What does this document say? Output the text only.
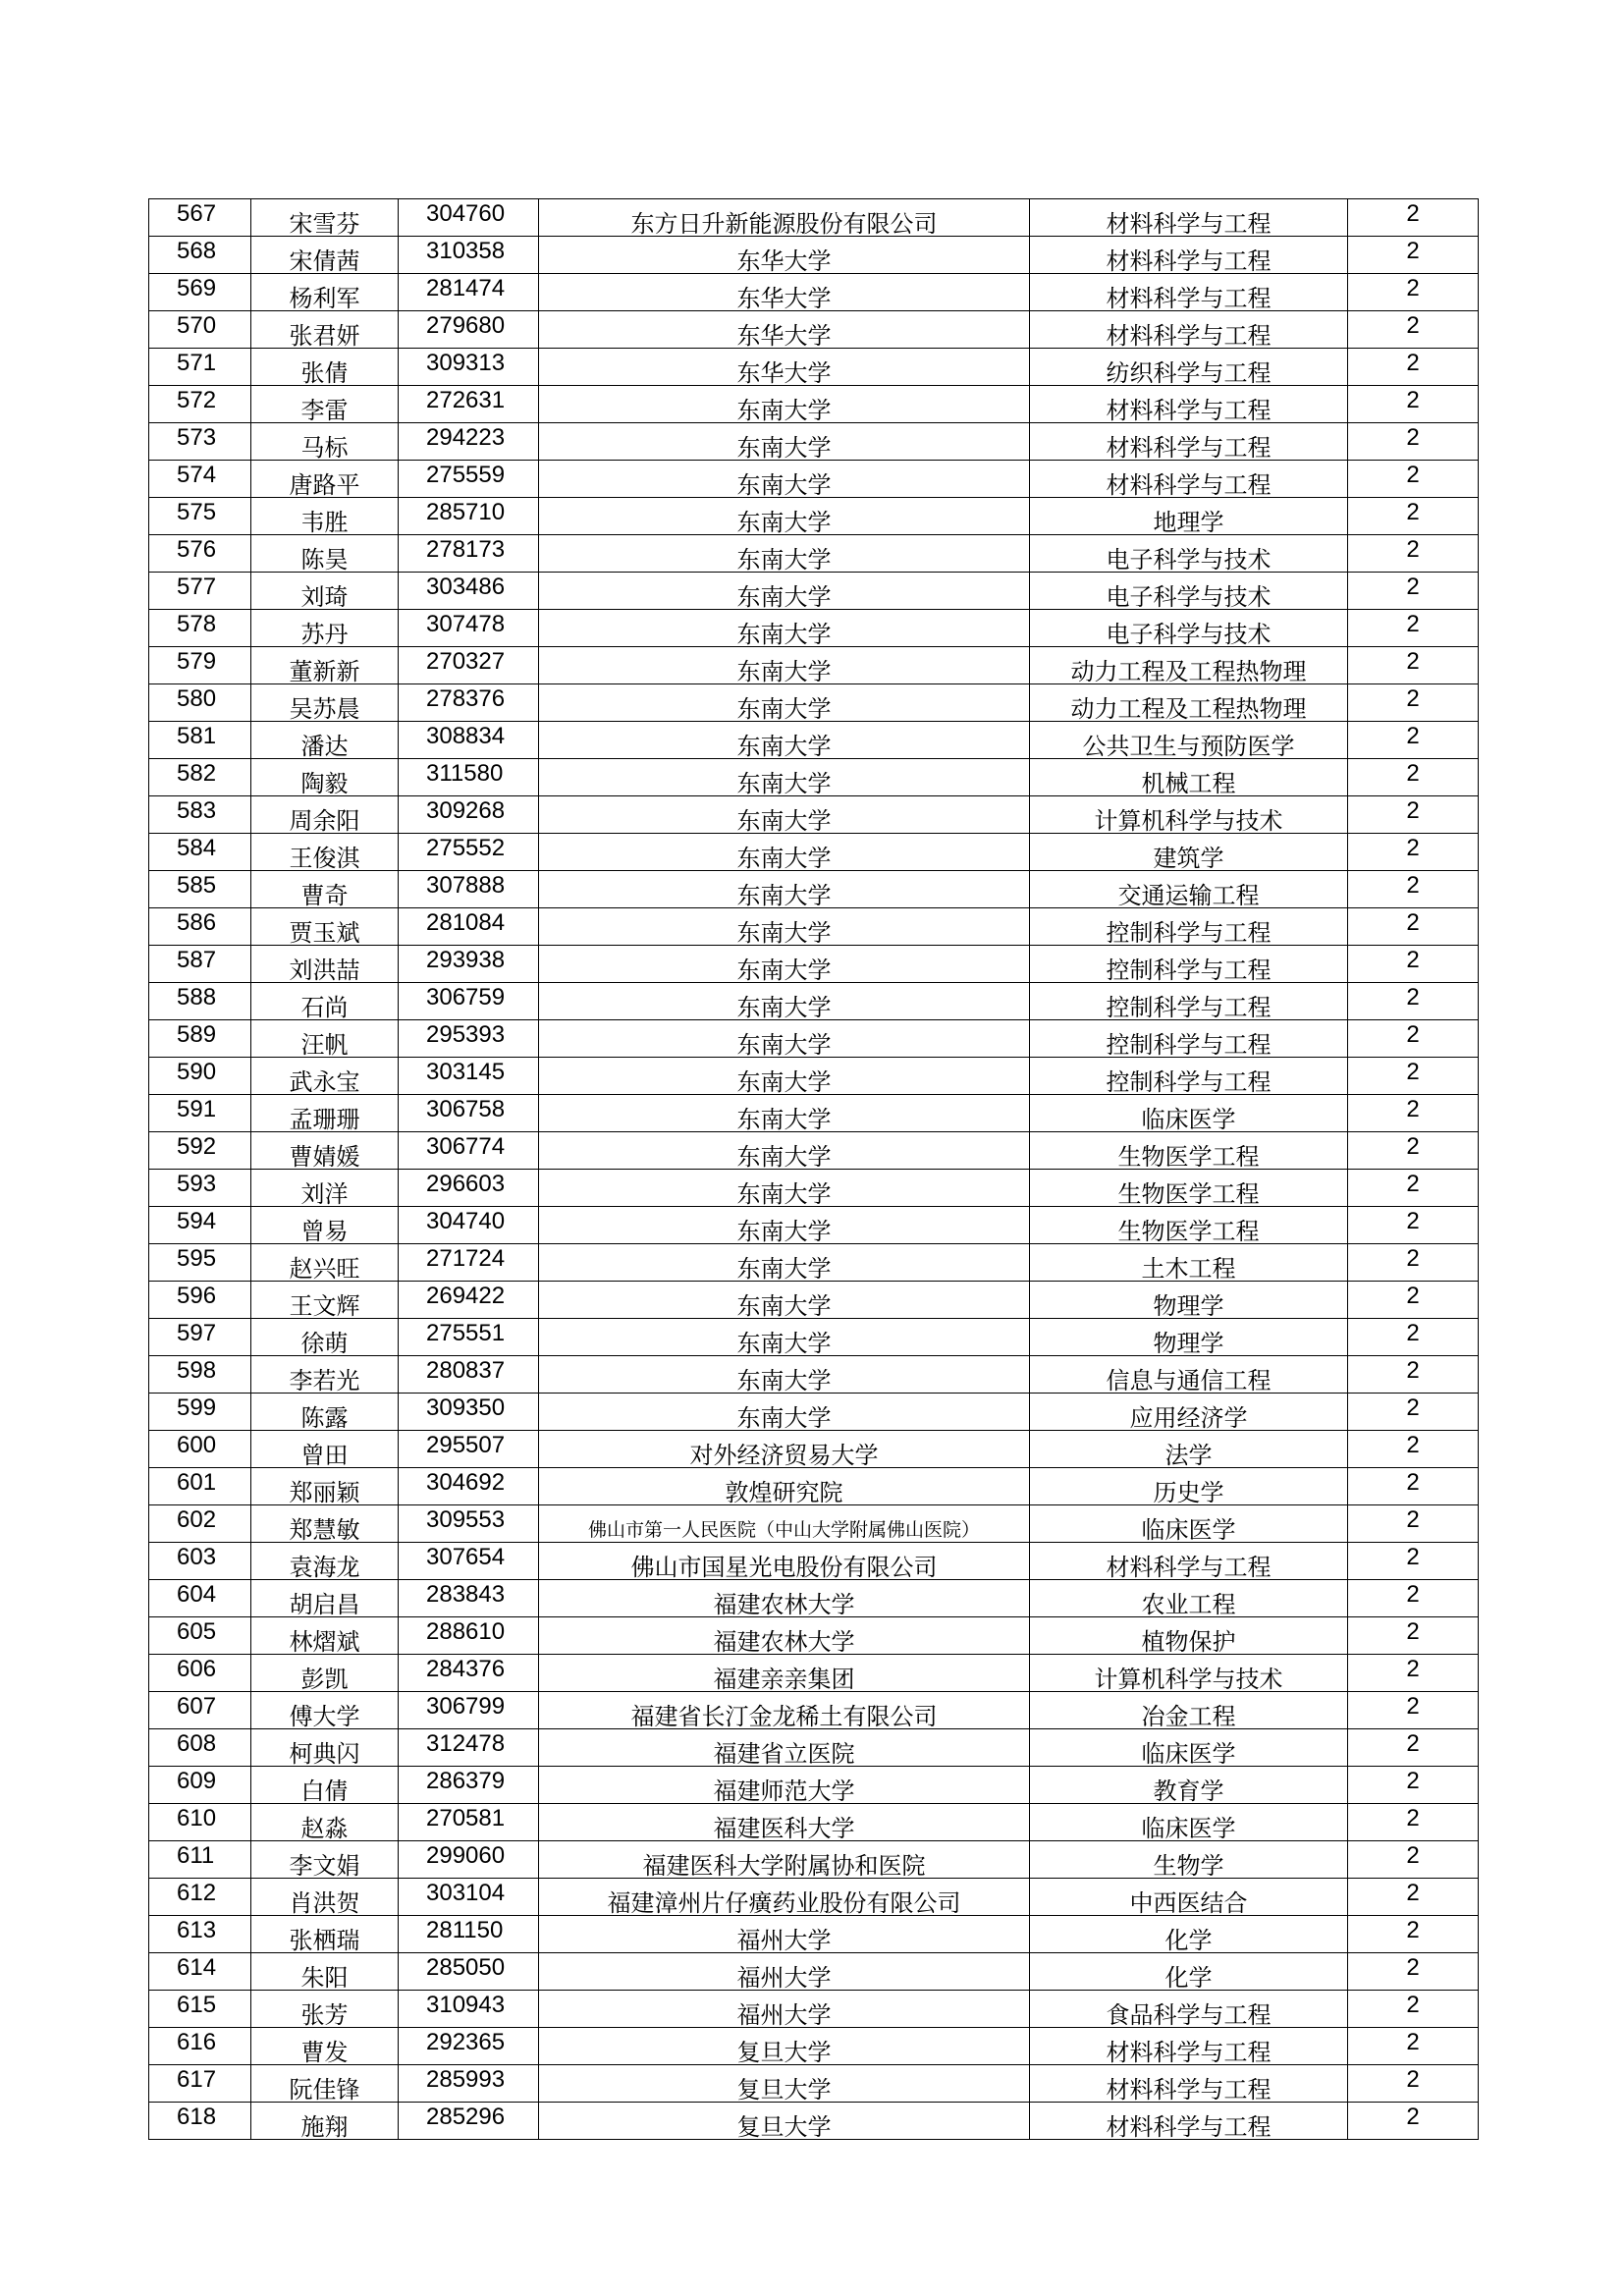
567	宋雪芬	304760	东方日升新能源股份有限公司	材料科学与工程	2
568	宋倩茜	310358	东华大学	材料科学与工程	2
569	杨利军	281474	东华大学	材料科学与工程	2
570	张君妍	279680	东华大学	材料科学与工程	2
571	张倩	309313	东华大学	纺织科学与工程	2
572	李雷	272631	东南大学	材料科学与工程	2
573	马标	294223	东南大学	材料科学与工程	2
574	唐路平	275559	东南大学	材料科学与工程	2
575	韦胜	285710	东南大学	地理学	2
576	陈昊	278173	东南大学	电子科学与技术	2
577	刘琦	303486	东南大学	电子科学与技术	2
578	苏丹	307478	东南大学	电子科学与技术	2
579	董新新	270327	东南大学	动力工程及工程热物理	2
580	吴苏晨	278376	东南大学	动力工程及工程热物理	2
581	潘达	308834	东南大学	公共卫生与预防医学	2
582	陶毅	311580	东南大学	机械工程	2
583	周余阳	309268	东南大学	计算机科学与技术	2
584	王俊淇	275552	东南大学	建筑学	2
585	曹奇	307888	东南大学	交通运输工程	2
586	贾玉斌	281084	东南大学	控制科学与工程	2
587	刘洪喆	293938	东南大学	控制科学与工程	2
588	石尚	306759	东南大学	控制科学与工程	2
589	汪帆	295393	东南大学	控制科学与工程	2
590	武永宝	303145	东南大学	控制科学与工程	2
591	孟珊珊	306758	东南大学	临床医学	2
592	曹婧媛	306774	东南大学	生物医学工程	2
593	刘洋	296603	东南大学	生物医学工程	2
594	曾易	304740	东南大学	生物医学工程	2
595	赵兴旺	271724	东南大学	土木工程	2
596	王文辉	269422	东南大学	物理学	2
597	徐萌	275551	东南大学	物理学	2
598	李若光	280837	东南大学	信息与通信工程	2
599	陈露	309350	东南大学	应用经济学	2
600	曾田	295507	对外经济贸易大学	法学	2
601	郑丽颖	304692	敦煌研究院	历史学	2
602	郑慧敏	309553	佛山市第一人民医院（中山大学附属佛山医院）	临床医学	2
603	袁海龙	307654	佛山市国星光电股份有限公司	材料科学与工程	2
604	胡启昌	283843	福建农林大学	农业工程	2
605	林熠斌	288610	福建农林大学	植物保护	2
606	彭凯	284376	福建亲亲集团	计算机科学与技术	2
607	傅大学	306799	福建省长汀金龙稀土有限公司	冶金工程	2
608	柯典闪	312478	福建省立医院	临床医学	2
609	白倩	286379	福建师范大学	教育学	2
610	赵淼	270581	福建医科大学	临床医学	2
611	李文娟	299060	福建医科大学附属协和医院	生物学	2
612	肖洪贺	303104	福建漳州片仔癀药业股份有限公司	中西医结合	2
613	张栖瑞	281150	福州大学	化学	2
614	朱阳	285050	福州大学	化学	2
615	张芳	310943	福州大学	食品科学与工程	2
616	曹发	292365	复旦大学	材料科学与工程	2
617	阮佳锋	285993	复旦大学	材料科学与工程	2
618	施翔	285296	复旦大学	材料科学与工程	2
